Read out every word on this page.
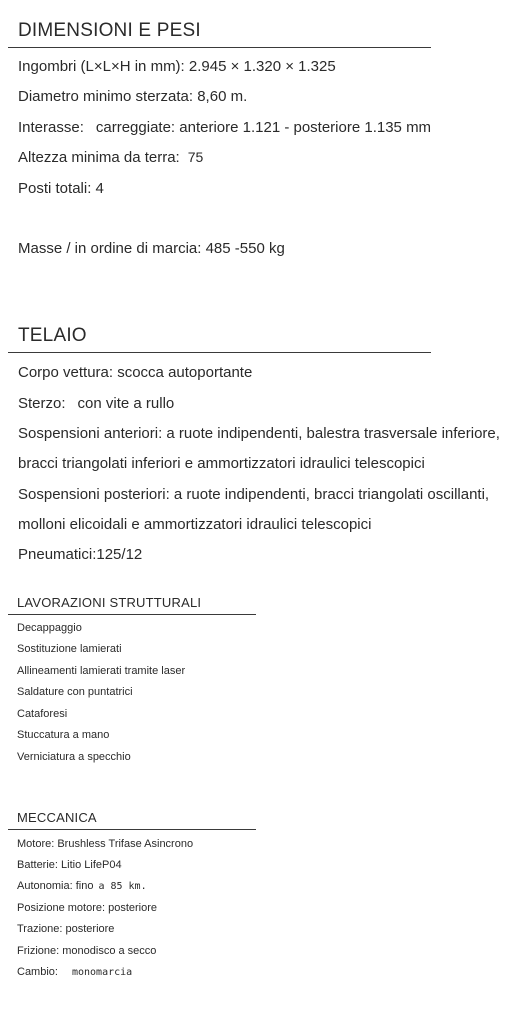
DIMENSIONI E PESI
Ingombri (L×L×H in mm): 2.945 × 1.320 × 1.325
Diametro minimo sterzata: 8,60 m.
Interasse: carreggiate: anteriore 1.121 - posteriore 1.135 mm
Altezza minima da terra: 75
Posti totali: 4
Masse / in ordine di marcia: 485 -550 kg
TELAIO
Corpo vettura: scocca autoportante
Sterzo: con vite a rullo
Sospensioni anteriori: a ruote indipendenti, balestra trasversale inferiore,
bracci triangolati inferiori e ammortizzatori idraulici telescopici
Sospensioni posteriori: a ruote indipendenti, bracci triangolati oscillanti,
molloni elicoidali e ammortizzatori idraulici telescopici
Pneumatici:125/12
LAVORAZIONI STRUTTURALI
Decappaggio
Sostituzione lamierati
Allineamenti lamierati tramite laser
Saldature con puntatrici
Cataforesi
Stuccatura a mano
Verniciatura a specchio
MECCANICA
Motore: Brushless Trifase Asincrono
Batterie: Litio LifeP04
Autonomia: fino a 85 km.
Posizione motore: posteriore
Trazione: posteriore
Frizione: monodisco a secco
Cambio: monomarcia
